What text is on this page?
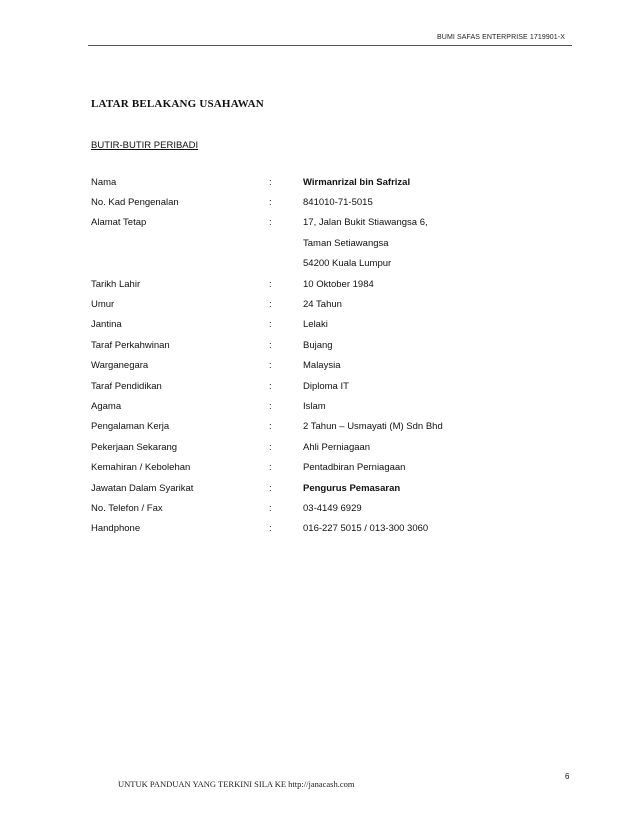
BUMI SAFAS ENTERPRISE 1719901-X
LATAR BELAKANG USAHAWAN
BUTIR-BUTIR PERIBADI
Nama	:	Wirmanrizal bin Safrizal
No. Kad Pengenalan	:	841010-71-5015
Alamat Tetap	:	17, Jalan Bukit Stiawangsa 6,
Taman Setiawangsa
54200 Kuala Lumpur
Tarikh Lahir	:	10 Oktober 1984
Umur	:	24 Tahun
Jantina	:	Lelaki
Taraf Perkahwinan	:	Bujang
Warganegara	:	Malaysia
Taraf Pendidikan	:	Diploma IT
Agama	:	Islam
Pengalaman Kerja	:	2 Tahun – Usmayati (M) Sdn Bhd
Pekerjaan Sekarang	:	Ahli Perniagaan
Kemahiran / Kebolehan	:	Pentadbiran Perniagaan
Jawatan Dalam Syarikat	:	Pengurus Pemasaran
No. Telefon / Fax	:	03-4149 6929
Handphone	:	016-227 5015 / 013-300 3060
6
UNTUK PANDUAN YANG TERKINI SILA KE http://janacash.com
